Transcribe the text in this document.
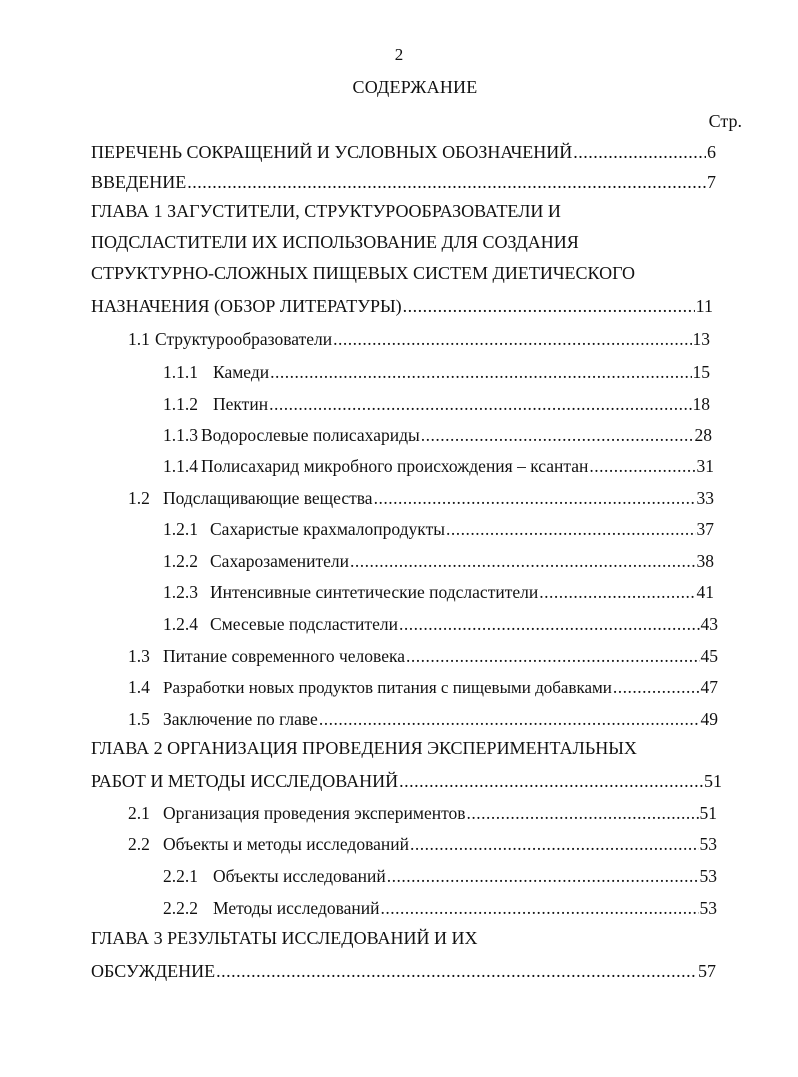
2
СОДЕРЖАНИЕ
Стр.
ПЕРЕЧЕНЬ СОКРАЩЕНИЙ И УСЛОВНЫХ ОБОЗНАЧЕНИЙ .....	6
ВВЕДЕНИЕ .....	7
ГЛАВА 1 ЗАГУСТИТЕЛИ, СТРУКТУРООБРАЗОВАТЕЛИ И
ПОДСЛАСТИТЕЛИ ИХ ИСПОЛЬЗОВАНИЕ ДЛЯ СОЗДАНИЯ
СТРУКТУРНО-СЛОЖНЫХ ПИЩЕВЫХ СИСТЕМ ДИЕТИЧЕСКОГО
НАЗНАЧЕНИЯ (ОБЗОР ЛИТЕРАТУРЫ) .....	11
1.1 Структурообразователи .....	13
1.1.1 Камеди .....	15
1.1.2 Пектин .....	18
1.1.3 Водорослевые полисахариды .....	28
1.1.4 Полисахарид микробного происхождения – ксантан .....	31
1.2 Подслащивающие вещества .....	33
1.2.1 Сахаристые крахмалопродукты .....	37
1.2.2 Сахарозаменители .....	38
1.2.3 Интенсивные синтетические подсластители .....	41
1.2.4 Смесевые подсластители .....	43
1.3 Питание современного человека .....	45
1.4 Разработки новых продуктов питания с пищевыми добавками .....	47
1.5 Заключение по главе .....	49
ГЛАВА 2 ОРГАНИЗАЦИЯ ПРОВЕДЕНИЯ ЭКСПЕРИМЕНТАЛЬНЫХ
РАБОТ И МЕТОДЫ ИССЛЕДОВАНИЙ .....	51
2.1 Организация проведения экспериментов .....	51
2.2 Объекты и методы исследований .....	53
2.2.1 Объекты исследований .....	53
2.2.2 Методы исследований .....	53
ГЛАВА 3 РЕЗУЛЬТАТЫ ИССЛЕДОВАНИЙ И ИХ
ОБСУЖДЕНИЕ .....	57
